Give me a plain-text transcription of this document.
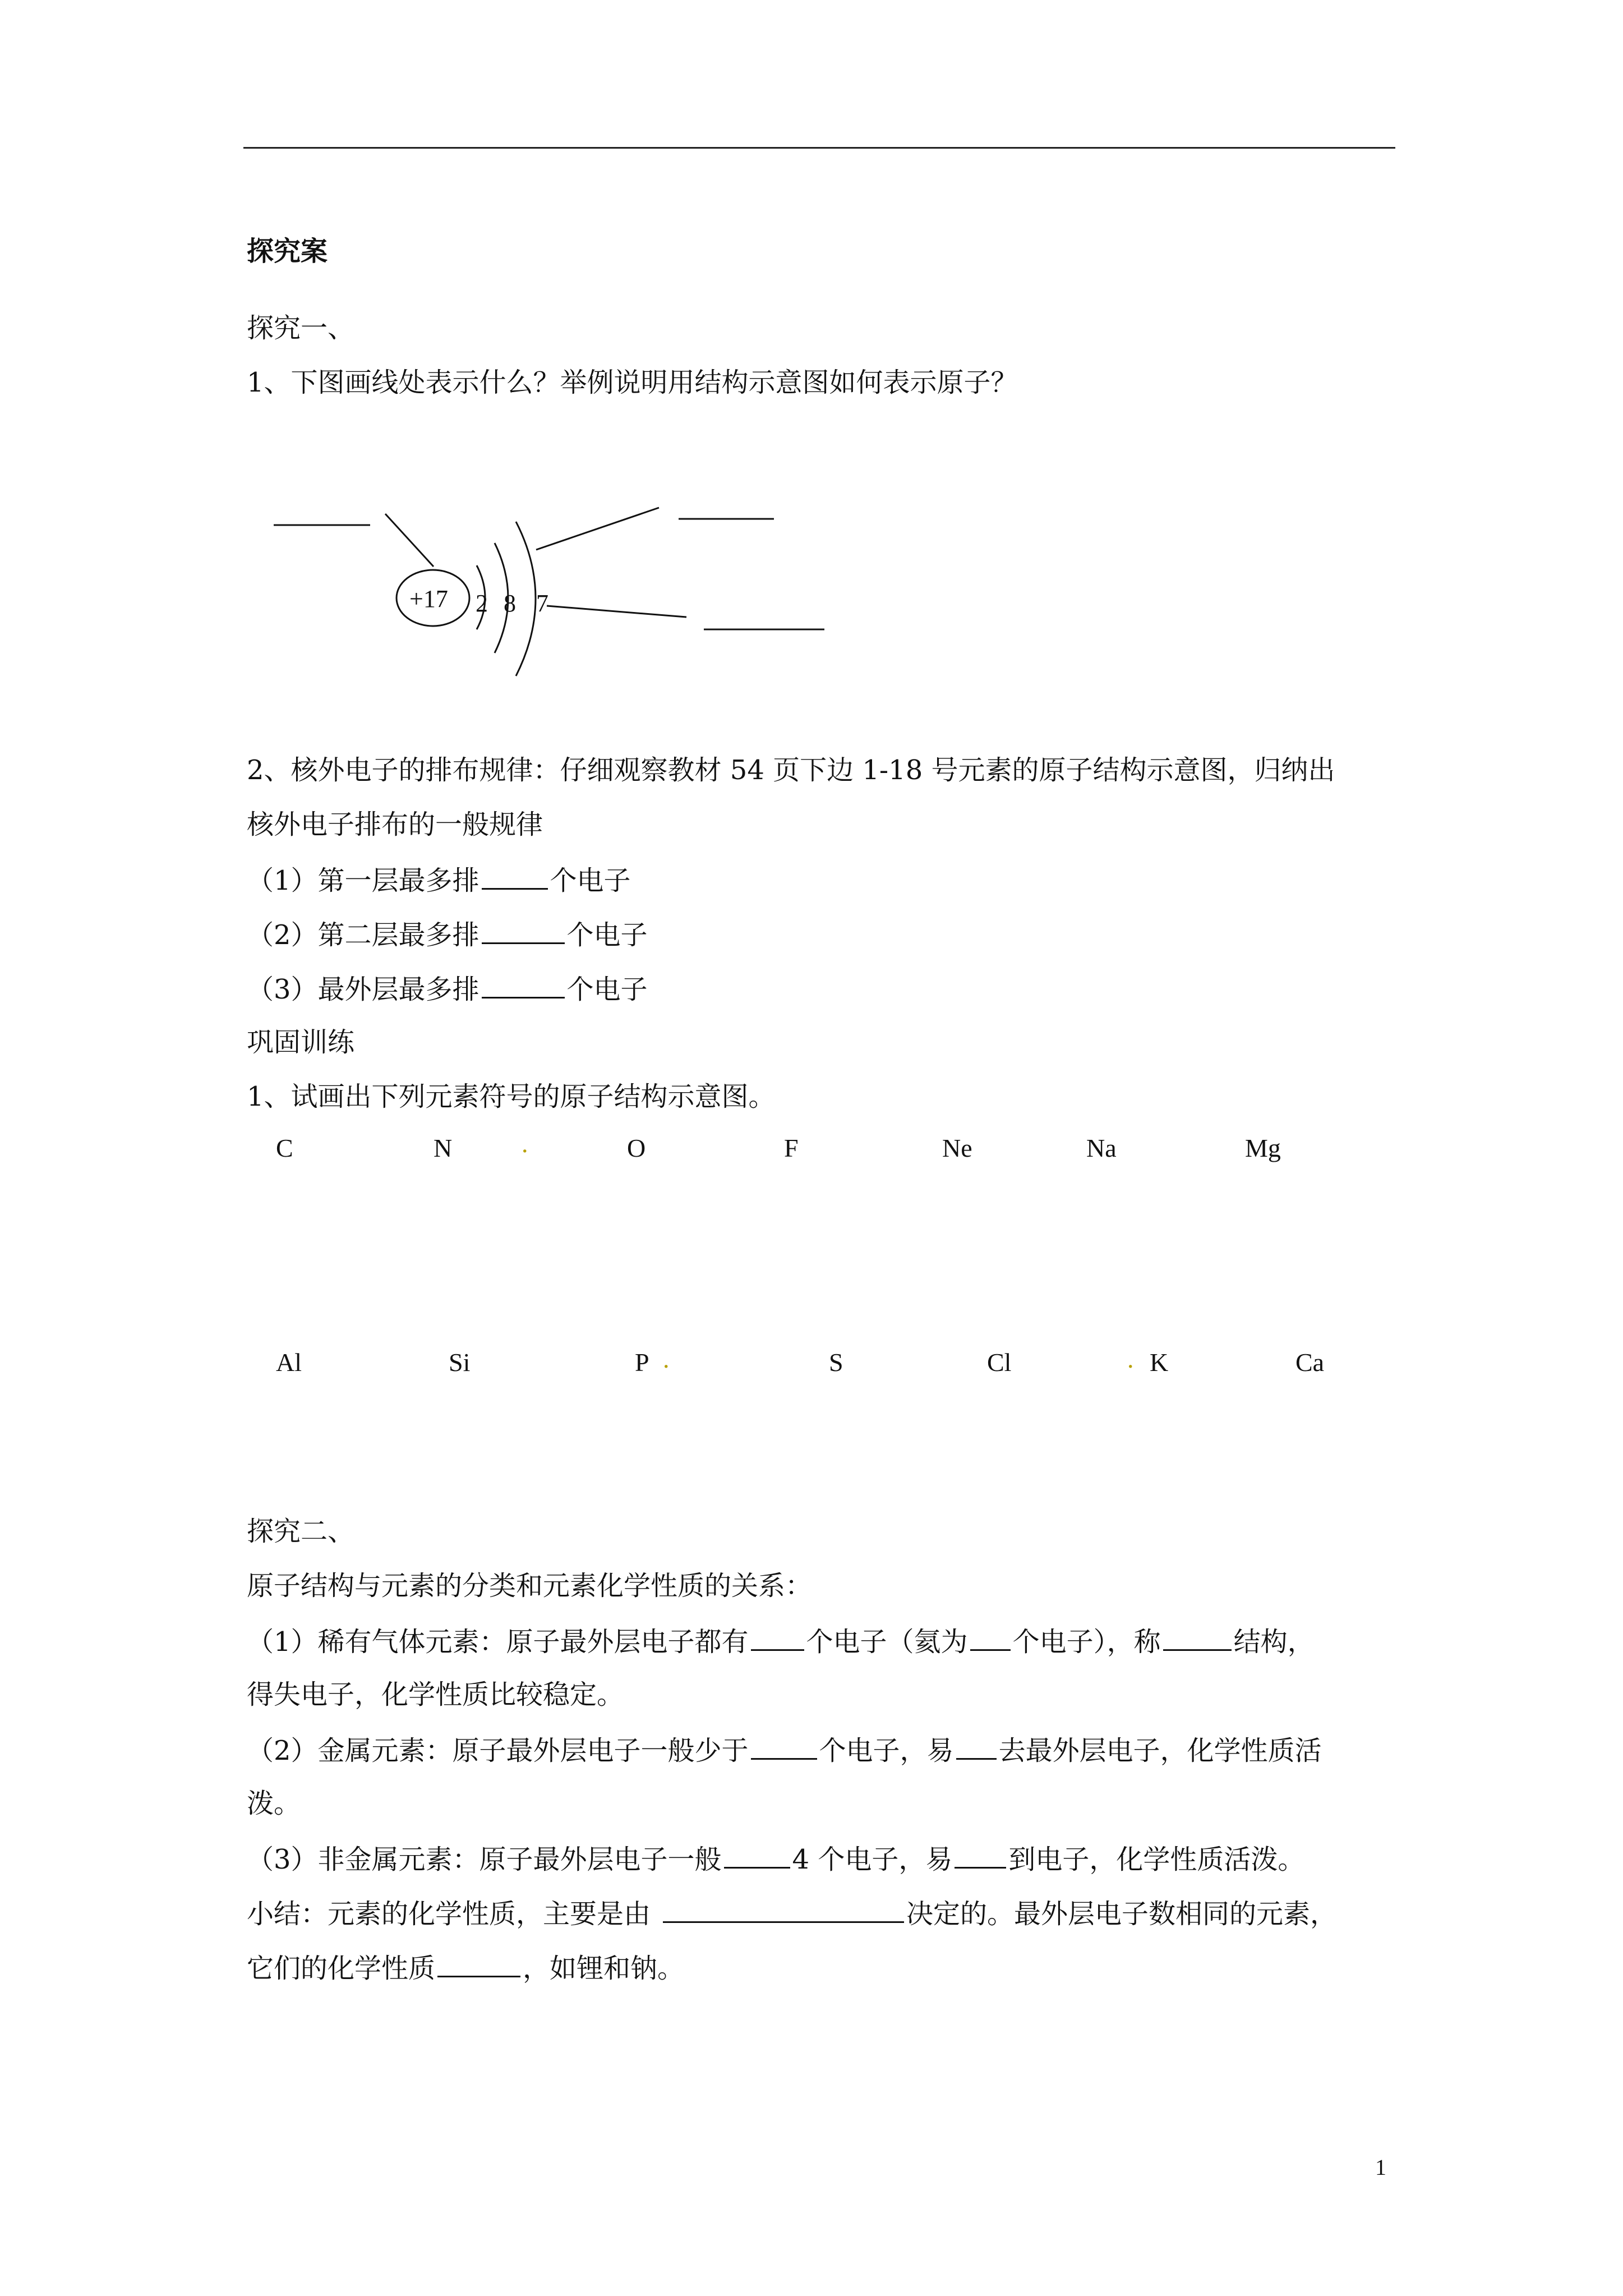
探究案
探究一、
1、下图画线处表示什么？举例说明用结构示意图如何表示原子？
+17 2 8 7
2、核外电子的排布规律：仔细观察教材 54 页下边 1-18 号元素的原子结构示意图，归纳出
核外电子排布的一般规律
（1）第一层最多排	个电子
（2）第二层最多排	个电子
（3）最外层最多排	个电子
巩固训练
1、试画出下列元素符号的原子结构示意图。
C	N	.	O	F	Ne	Na	Mg
Al	Si	P .	S	Cl	. K	Ca
探究二、
原子结构与元素的分类和元素化学性质的关系：
（1）稀有气体元素：原子最外层电子都有 个电子（氦为 个电子），称	结构，
得失电子，化学性质比较稳定。
（2）金属元素：原子最外层电子一般少于	个电子，易 去最外层电子，化学性质活
泼。
（3）非金属元素：原子最外层电子一般	4 个电子，易 到电子，化学性质活泼。
小结：元素的化学性质，主要是由	决定的。最外层电子数相同的元素，
它们的化学性质	，如锂和钠。
1
